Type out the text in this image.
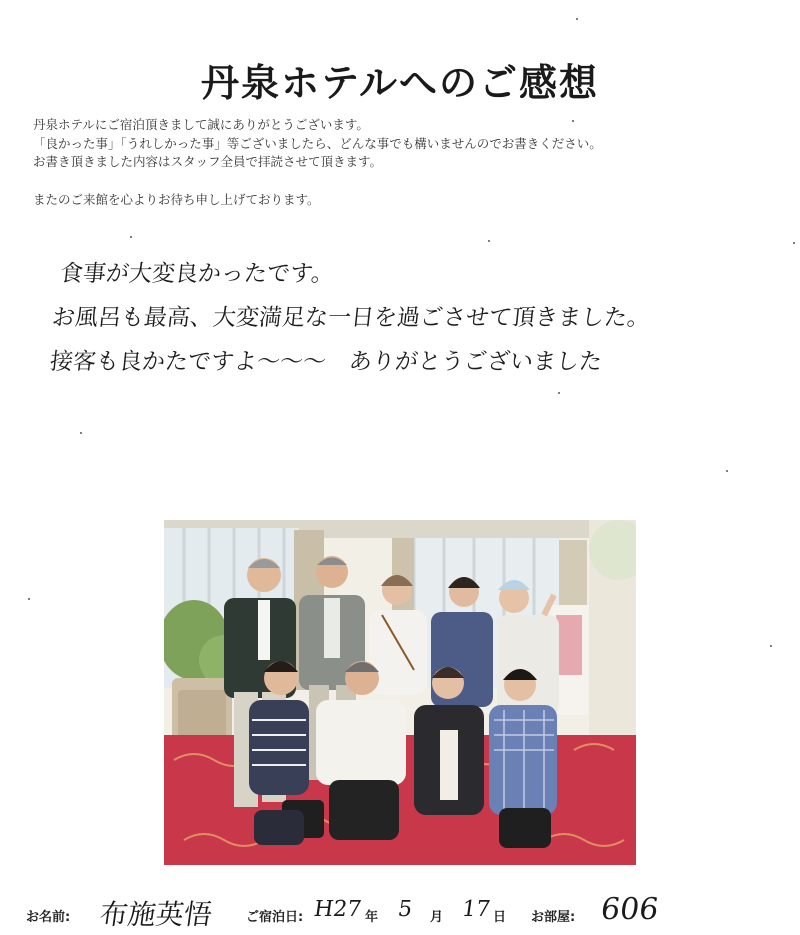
丹泉ホテルへのご感想
丹泉ホテルにご宿泊頂きまして誠にありがとうございます。
「良かった事」「うれしかった事」等ございましたら、どんな事でも構いませんのでお書きください。
お書き頂きました内容はスタッフ全員で拝読させて頂きます。
またのご来館を心よりお待ち申し上げております。
食事が大変良かったです。
お風呂も最高、大変満足な一日を過ごさせて頂きました。
接客も良かたですよ〜〜〜　ありがとうございました
お名前: 布施英悟 ご宿泊日: H27 年 5 月 17 日 お部屋: 606
